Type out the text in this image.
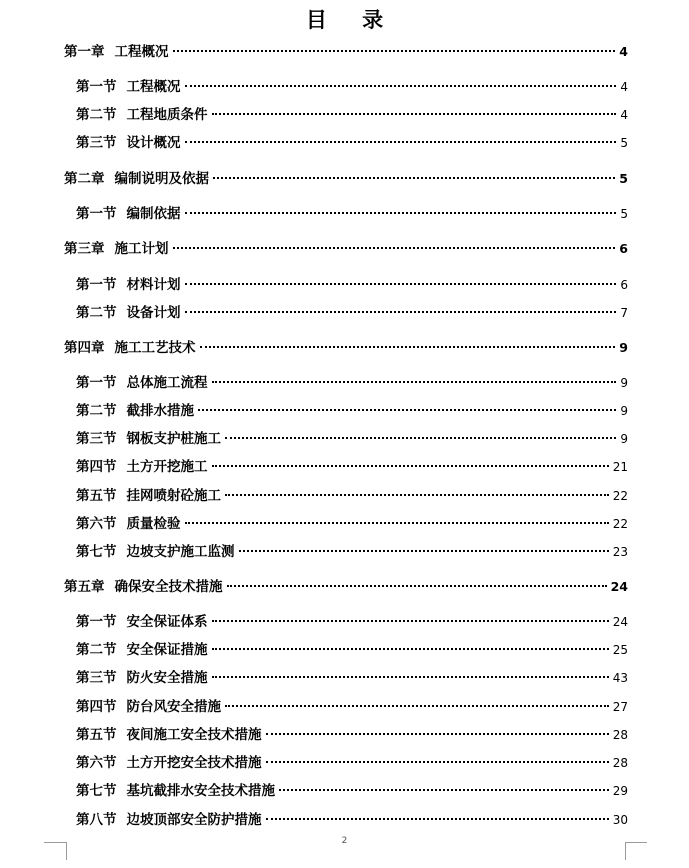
目 录
第一章 工程概况	4
第一节 工程概况	4
第二节 工程地质条件	4
第三节 设计概况	5
第二章 编制说明及依据	5
第一节 编制依据	5
第三章 施工计划	6
第一节 材料计划	6
第二节 设备计划	7
第四章 施工工艺技术	9
第一节 总体施工流程	9
第二节 截排水措施	9
第三节 钢板支护桩施工	9
第四节 土方开挖施工	21
第五节 挂网喷射砼施工	22
第六节 质量检验	22
第七节 边坡支护施工监测	23
第五章 确保安全技术措施	24
第一节 安全保证体系	24
第二节 安全保证措施	25
第三节 防火安全措施	43
第四节 防台风安全措施	27
第五节 夜间施工安全技术措施	28
第六节 土方开挖安全技术措施	28
第七节 基坑截排水安全技术措施	29
第八节 边坡顶部安全防护措施	30
2
